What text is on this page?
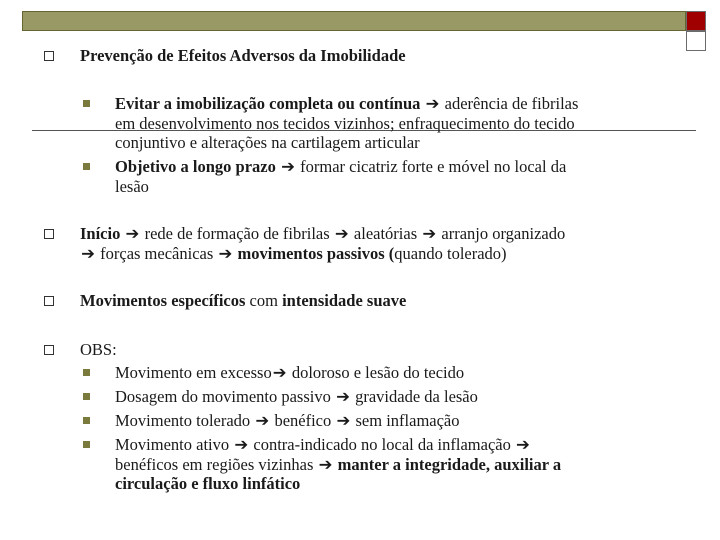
Prevenção de Efeitos Adversos da Imobilidade
Evitar a imobilização completa ou contínua ➔ aderência de fibrilas
em desenvolvimento nos tecidos vizinhos; enfraquecimento do tecido
conjuntivo e alterações na cartilagem articular
Objetivo a longo prazo ➔ formar cicatriz forte e móvel no local da
lesão
Início ➔ rede de formação de fibrilas ➔ aleatórias ➔ arranjo organizado
➔ forças mecânicas ➔ movimentos passivos (quando tolerado)
Movimentos específicos com intensidade suave
OBS:
Movimento em excesso➔ doloroso e lesão do tecido
Dosagem do movimento passivo ➔ gravidade da lesão
Movimento tolerado ➔ benéfico ➔ sem inflamação
Movimento ativo ➔ contra-indicado no local da inflamação ➔
benéficos em regiões vizinhas ➔ manter a integridade, auxiliar a
circulação e fluxo linfático
